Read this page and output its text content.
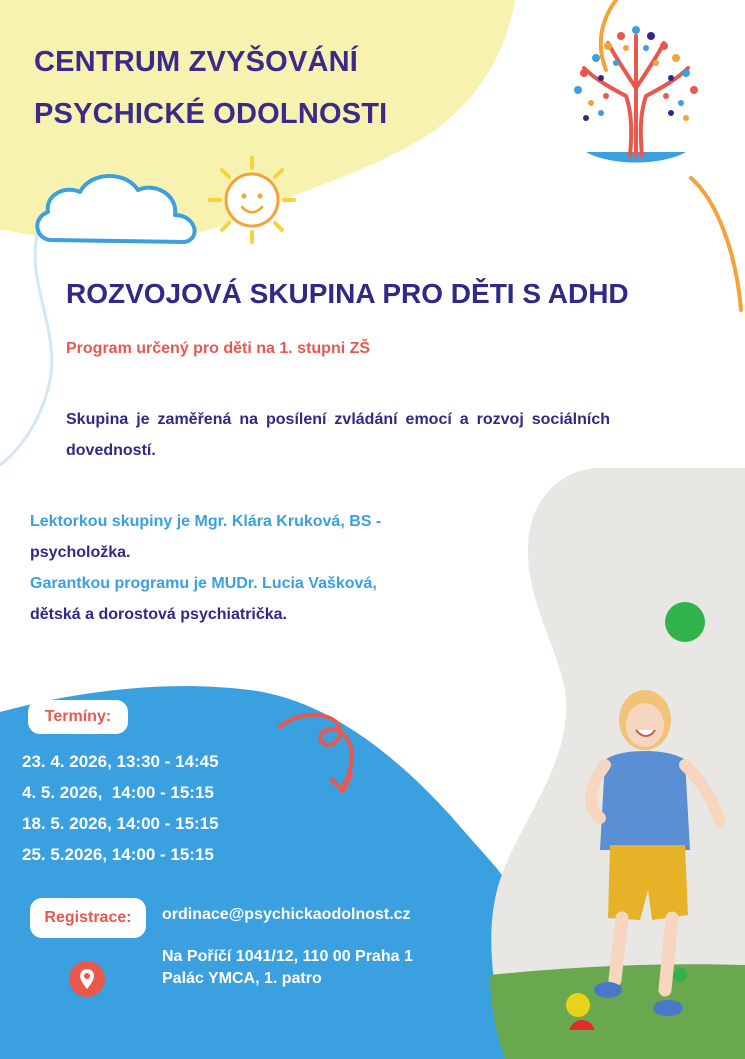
CENTRUM ZVYŠOVÁNÍ
PSYCHICKÉ ODOLNOSTI
ROZVOJOVÁ SKUPINA PRO DĚTI S ADHD
Program určený pro děti na 1. stupni ZŠ
Skupina je zaměřená na posílení zvládání emocí a rozvoj sociálních dovedností.
Lektorkou skupiny je Mgr. Klára Kruková, BS -
psycholožka.
Garantkou programu je MUDr. Lucia Vašková,
dětská a dorostová psychiatrička.
Termíny:
23. 4. 2026, 13:30 - 14:45
4. 5. 2026,  14:00 - 15:15
18. 5. 2026, 14:00 - 15:15
25. 5.2026, 14:00 - 15:15
Registrace:	ordinace@psychickaodolnost.cz
Na Poříčí 1041/12, 110 00 Praha 1
Palác YMCA, 1. patro
